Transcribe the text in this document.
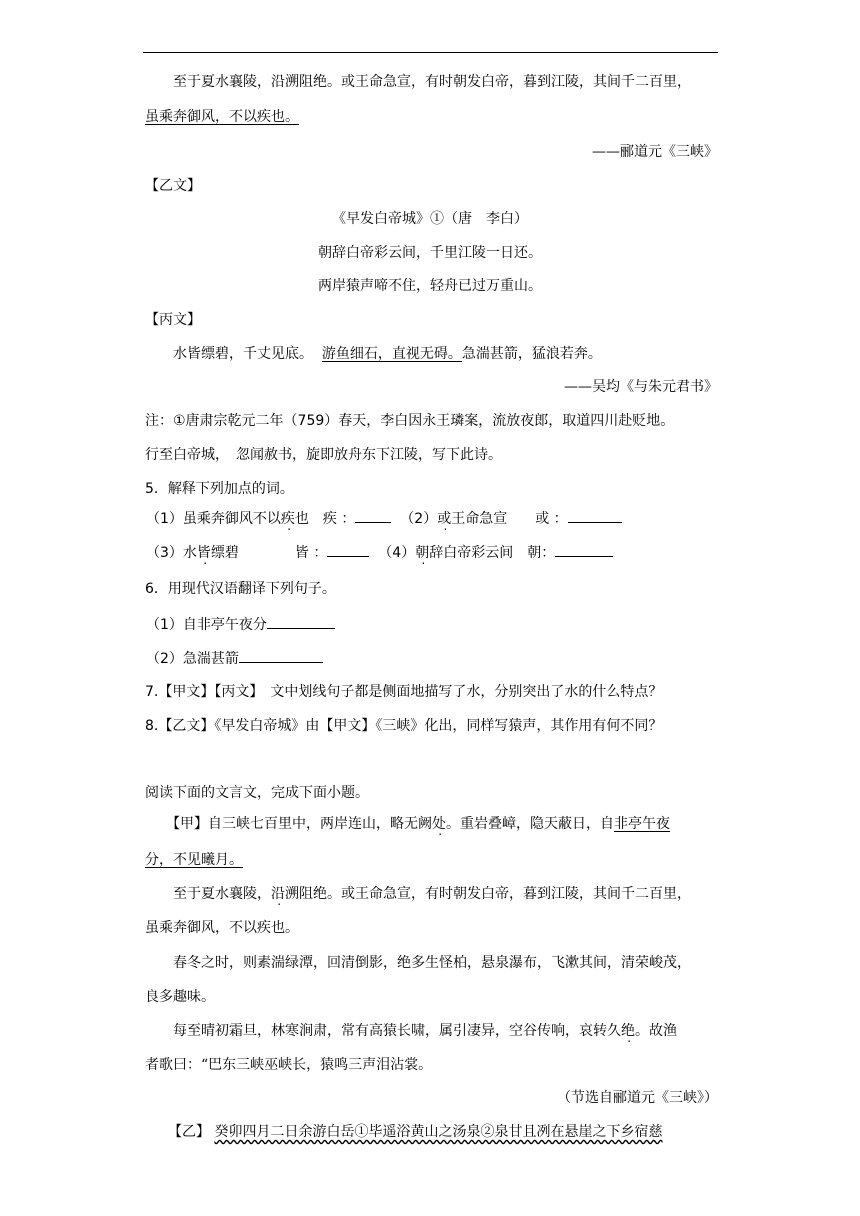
至于夏水襄陵，沿溯阻绝。或王命急宣，有时朝发白帝，暮到江陵，其间千二百里，
虽乘奔御风，不以疾也。
——郦道元《三峡》
【乙文】
《早发白帝城》①（唐　李白）
朝辞白帝彩云间，千里江陵一日还。
两岸猿声啼不住，轻舟已过万重山。
【丙文】
水皆缥碧，千丈见底。 游鱼细石，直视无碍。急湍甚箭，猛浪若奔。
——吴均《与朱元君书》
注：①唐肃宗乾元二年（759）春天，李白因永王璘案，流放夜郎，取道四川赴贬地。
行至白帝城，　忽闻赦书，旋即放舟东下江陵，写下此诗。
5．解释下列加点的词。
（1）虽乘奔御风不以疾也　疾 ：	（2）或王命急宣　　或 ：
（3）水皆缥碧　　　　皆 ：	（4）朝辞白帝彩云间　朝：
6．用现代汉语翻译下列句子。
（1）自非亭午夜分
（2）急湍甚箭
7.【甲文】【丙文】　文中划线句子都是侧面地描写了水，分别突出了水的什么特点？
8.【乙文】《早发白帝城》由【甲文】《三峡》化出，同样写猿声，其作用有何不同？
阅读下面的文言文，完成下面小题。
【甲】自三峡七百里中，两岸连山，略无阙处。重岩叠嶂，隐天蔽日，自非亭午夜
分，不见曦月。
至于夏水襄陵，沿溯阻绝。或王命急宣，有时朝发白帝，暮到江陵，其间千二百里，
虽乘奔御风，不以疾也。
春冬之时，则素湍绿潭，回清倒影，绝多生怪柏，悬泉瀑布，飞漱其间，清荣峻茂，
良多趣味。
每至晴初霜旦，林寒涧肃，常有高猿长啸，属引凄异，空谷传响，哀转久绝。故渔
者歌曰：“巴东三峡巫峡长，猿鸣三声泪沾裳。
（节选自郦道元《三峡》）
【乙】 癸卯四月二日余游白岳①毕遥浴黄山之汤泉②泉甘且冽在悬崖之下乡宿慈
